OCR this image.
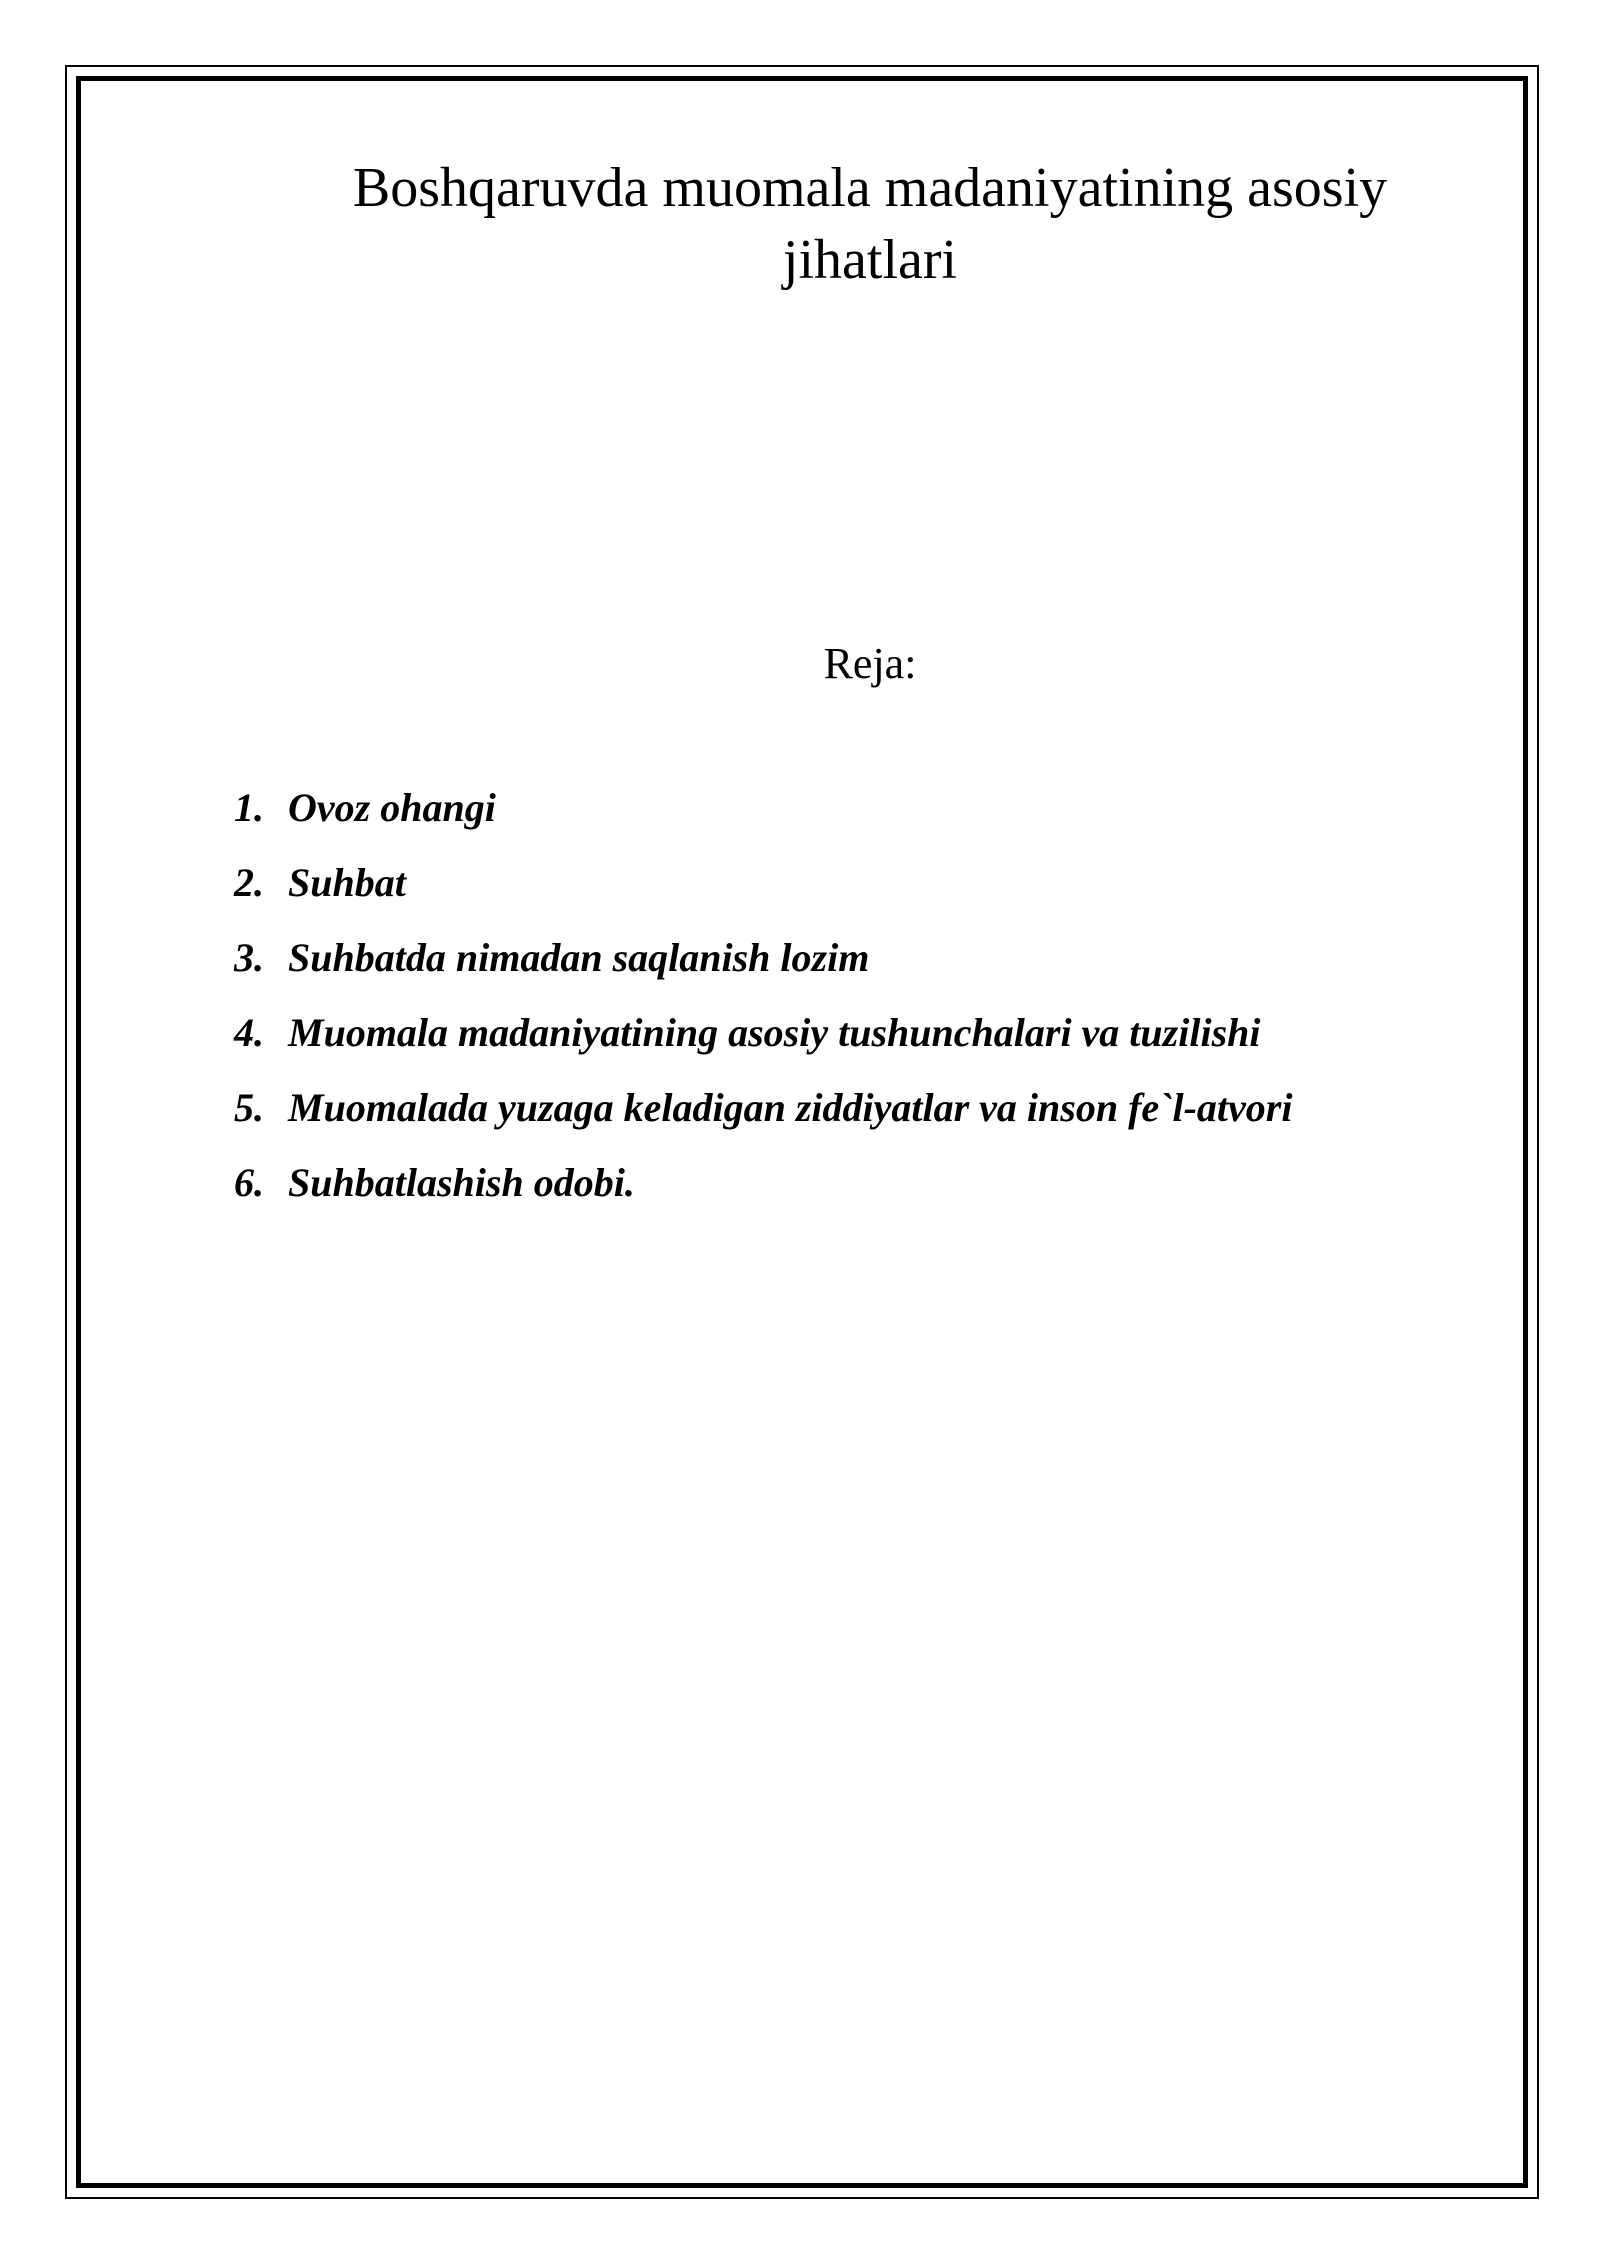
Boshqaruvda muomala madaniyatining asosiy jihatlari
Reja:
1. Ovoz ohangi
2. Suhbat
3. Suhbatda nimadan saqlanish lozim
4. Muomala madaniyatining asosiy tushunchalari va tuzilishi
5. Muomalada yuzaga keladigan ziddiyatlar va inson fe`l-atvori
6. Suhbatlashish odobi.
